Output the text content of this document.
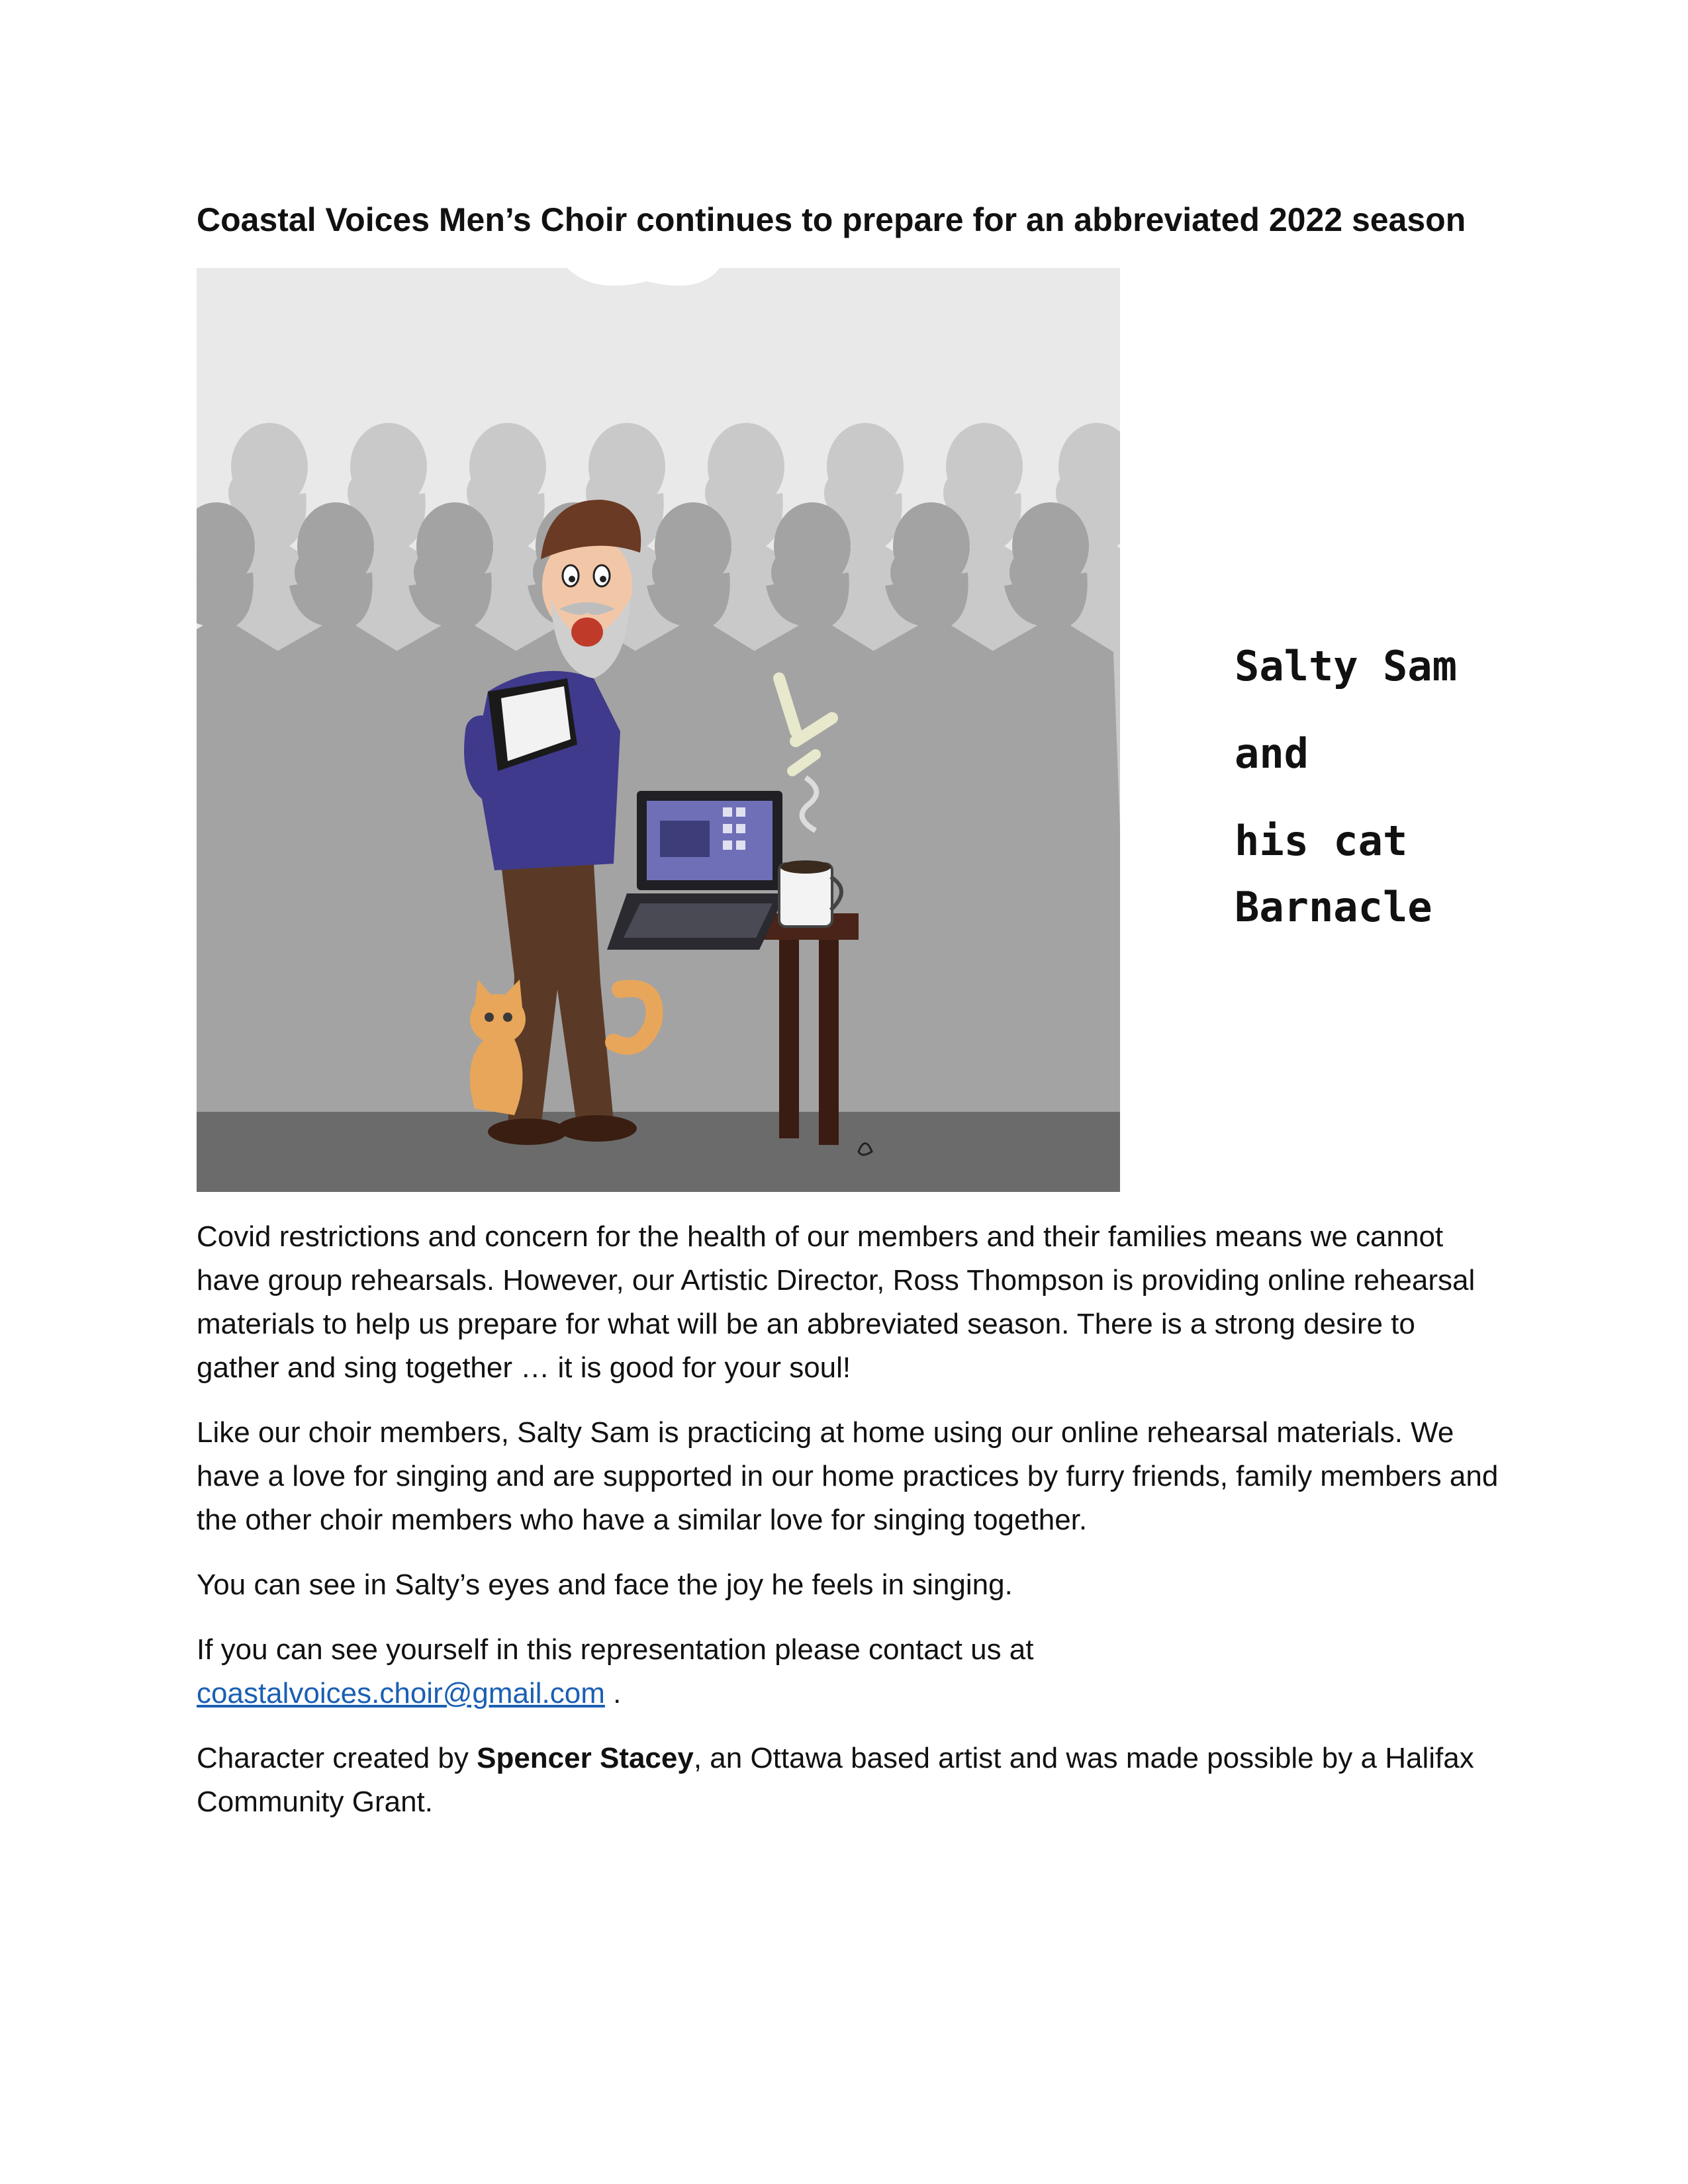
Coastal Voices Men’s Choir continues to prepare for an abbreviated 2022 season
Salty Sam
and
his cat
Barnacle

Covid restrictions and concern for the health of our members and their families means we cannot have group rehearsals. However, our Artistic Director, Ross Thompson is providing online rehearsal materials to help us prepare for what will be an abbreviated season. There is a strong desire to gather and sing together … it is good for your soul!

Like our choir members, Salty Sam is practicing at home using our online rehearsal materials. We have a love for singing and are supported in our home practices by furry friends, family members and the other choir members who have a similar love for singing together.

You can see in Salty’s eyes and face the joy he feels in singing.

If you can see yourself in this representation please contact us at
coastalvoices.choir@gmail.com .

Character created by Spencer Stacey, an Ottawa based artist and was made possible by a Halifax Community Grant.
